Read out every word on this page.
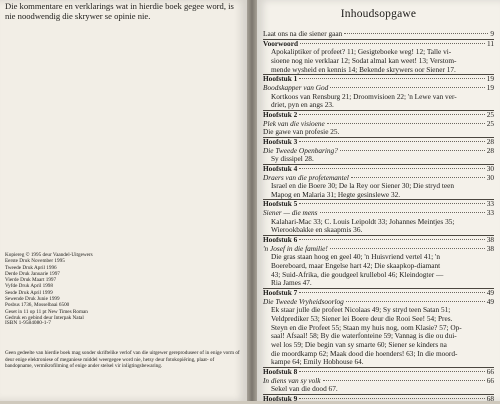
Die kommentare en verklarings wat in hierdie boek gegee word, is
nie noodwendig die skrywer se opinie nie.
Kopiereg © 1995 deur Vaandel-Uitgewers
Eerste Druk November 1995
Tweede Druk April 1996
Derde Druk Januarie 1997
Vierde Druk Maart 1997
Vyfde Druk April 1998
Sesde Druk April 1999
Sewende Druk Junie 1999
Posbus 1736, Mosselbaai 6500
Geset in 11 op 11 pt New Times Roman
Gedruk en gebind deur Interpak Natal
ISBN 1-9584080-1-7
Geen gedeelte van hierdie boek mag sonder skriftelike verlof van die uitgewer gereproduseer of in enige vorm of deur enige elektroniese of meganiese middel weergegee word nie, hetsy deur fotokopiëring, plaat- of bandopname, vermikrofilming of enige ander stelsel vir inligtingsbewaring.
Inhoudsopgawe
Laat ons na die siener gaan	9
Voorwoord	11
Apokaliptiker of profeet? 11; Gesigteboeke weg! 12; Talle vi-
sioene nog nie verklaar 12; Sodat almal kan weet! 13; Verstom-
mende wysheid en kennis 14; Bekende skrywers oor Siener 17.
Hoofstuk 1	19
Boodskapper van God	19
Kortkoos van Rensburg 21; Droomvisioen 22; 'n Lewe van ver-
driet, pyn en angs 23.
Hoofstuk 2	25
Plek van die visioene	25
Die gawe van profesie 25.
Hoofstuk 3	28
Die Tweede Openbaring?	28
Sy dissipel 28.
Hoofstuk 4	30
Draers van die profetemantel	30
Israel en die Boere 30; De la Rey oor Siener 30; Die stryd teen
Mapog en Malaria 31; Hegte gesinslewe 32.
Hoofstuk 5	33
Siener — die mens	33
Kalahari-Mac 33; C. Louis Leipoldt 33; Johannes Meintjes 35;
Wierookbakke en skaapmis 36.
Hoofstuk 6	38
'n Josef in die familie!	38
Die gras staan hoog en geel 40; 'n Huisvriend vertel 41; 'n
Boereboard, maar Engelse hart 42; Die skaapkop-diamant
43; Suid-Afrika, die goudgeel krullebol 46; Kleindogter —
Ria James 47.
Hoofstuk 7	49
Die Tweede Vryheidsoorlog	49
Ek staar julle die profeet Nicolaas 49; Sy stryd teen Satan 51;
Veldprediker 53; Siener lei Boere deur die Rooi See! 54; Pres.
Steyn en die Profeet 55; Staan my huis nog, oom Klasie? 57; Op-
saal! Afsaal! 58; By die waterfonteine 59; Vannag is die ou dui-
wel los 59; Die begin van sy smarte 60; Siener se kinders na
die moordkamp 62; Maak dood die hoenders! 63; In die moord-
kampe 64; Emily Hobhouse 64.
Hoofstuk 8	66
In diens van sy volk	66
Sekel van die dood 67.
Hoofstuk 9	68
